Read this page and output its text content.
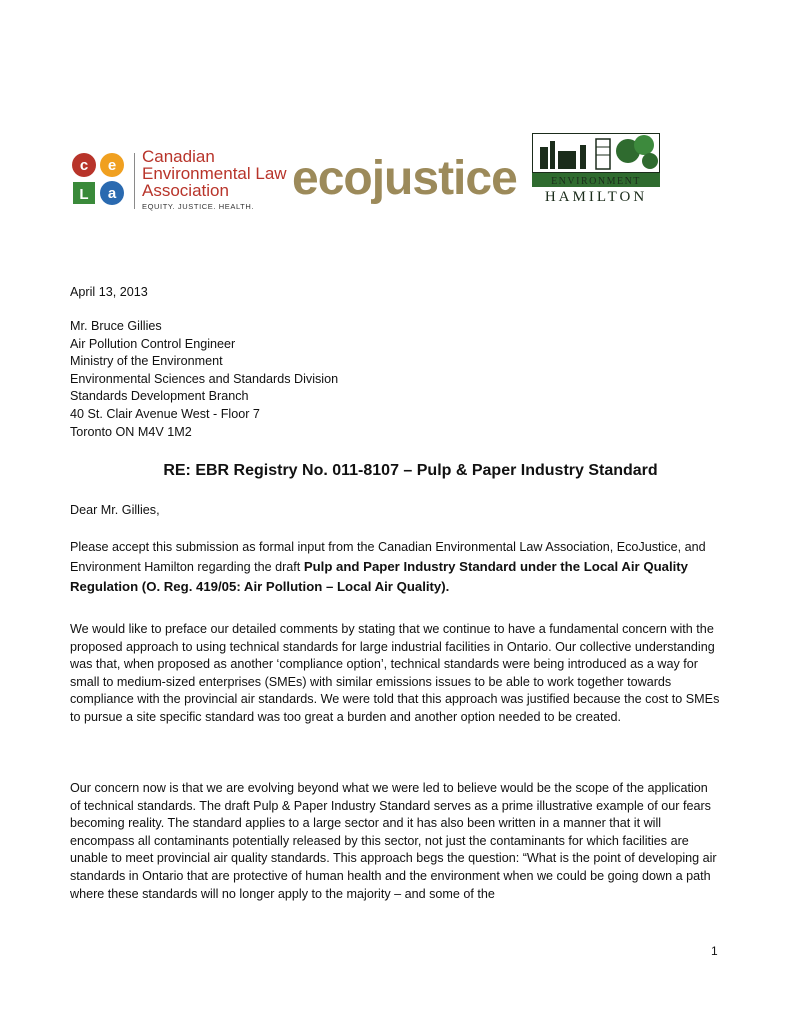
c e
L a
Canadian
Environmental Law
Association
EQUITY. JUSTICE. HEALTH.
ecojustice	ENVIRONMENT
HAMILTON
April 13, 2013
Mr. Bruce Gillies
Air Pollution Control Engineer
Ministry of the Environment
Environmental Sciences and Standards Division
Standards Development Branch
40 St. Clair Avenue West - Floor 7
Toronto ON M4V 1M2
RE: EBR Registry No. 011-8107 – Pulp & Paper Industry Standard
Dear Mr. Gillies,

Please accept this submission as formal input from the Canadian Environmental Law Association, EcoJustice, and Environment Hamilton regarding the draft Pulp and Paper Industry Standard under the Local Air Quality Regulation (O. Reg. 419/05: Air Pollution – Local Air Quality).

We would like to preface our detailed comments by stating that we continue to have a fundamental concern with the proposed approach to using technical standards for large industrial facilities in Ontario. Our collective understanding was that, when proposed as another ‘compliance option’, technical standards were being introduced as a way for small to medium-sized enterprises (SMEs) with similar emissions issues to be able to work together towards compliance with the provincial air standards. We were told that this approach was justified because the cost to SMEs to pursue a site specific standard was too great a burden and another option needed to be created.

Our concern now is that we are evolving beyond what we were led to believe would be the scope of the application of technical standards. The draft Pulp & Paper Industry Standard serves as a prime illustrative example of our fears becoming reality. The standard applies to a large sector and it has also been written in a manner that it will encompass all contaminants potentially released by this sector, not just the contaminants for which facilities are unable to meet provincial air quality standards. This approach begs the question: “What is the point of developing air standards in Ontario that are protective of human health and the environment when we could be going down a path where these standards will no longer apply to the majority – and some of the

1
